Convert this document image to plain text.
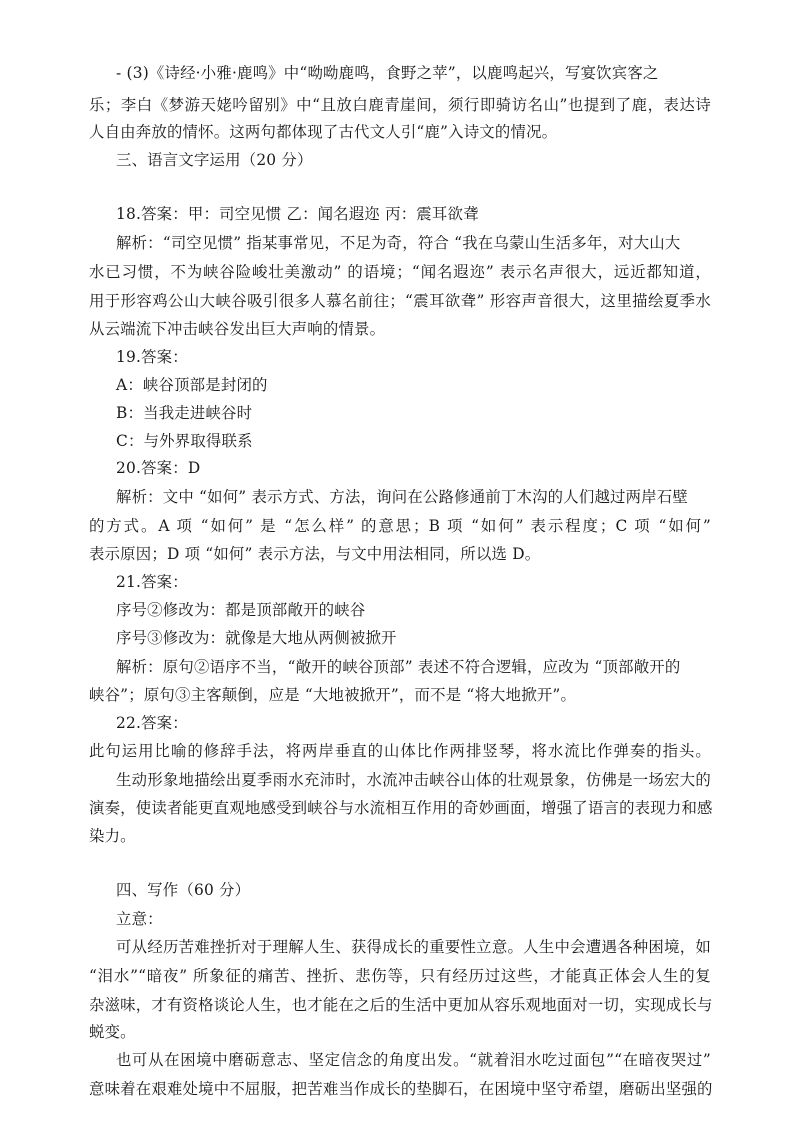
- (3)《诗经·小雅·鹿鸣》中“呦呦鹿鸣，食野之苹”，以鹿鸣起兴，写宴饮宾客之
乐；李白《梦游天姥吟留别》中“且放白鹿青崖间，须行即骑访名山”也提到了鹿，表达诗
人自由奔放的情怀。这两句都体现了古代文人引“鹿”入诗文的情况。
三、语言文字运用（20 分）
18.答案：甲：司空见惯 乙：闻名遐迩 丙：震耳欲聋
解析：“司空见惯” 指某事常见，不足为奇，符合 “我在乌蒙山生活多年，对大山大
水已习惯，不为峡谷险峻壮美激动” 的语境；“闻名遐迩” 表示名声很大，远近都知道，
用于形容鸡公山大峡谷吸引很多人慕名前往；“震耳欲聋” 形容声音很大，这里描绘夏季水
从云端流下冲击峡谷发出巨大声响的情景。
19.答案：
A：峡谷顶部是封闭的
B：当我走进峡谷时
C：与外界取得联系
20.答案：D
解析：文中 “如何” 表示方式、方法，询问在公路修通前丁木沟的人们越过两岸石壁
的方式。A 项 “如何” 是 “怎么样” 的意思；B 项 “如何” 表示程度；C 项 “如何”
表示原因；D 项 “如何” 表示方法，与文中用法相同，所以选 D。
21.答案：
序号②修改为：都是顶部敞开的峡谷
序号③修改为：就像是大地从两侧被掀开
解析：原句②语序不当，“敞开的峡谷顶部” 表述不符合逻辑，应改为 “顶部敞开的
峡谷”；原句③主客颠倒，应是 “大地被掀开”，而不是 “将大地掀开”。
22.答案：
此句运用比喻的修辞手法，将两岸垂直的山体比作两排竖琴，将水流比作弹奏的指头。
生动形象地描绘出夏季雨水充沛时，水流冲击峡谷山体的壮观景象，仿佛是一场宏大的
演奏，使读者能更直观地感受到峡谷与水流相互作用的奇妙画面，增强了语言的表现力和感
染力。
四、写作（60 分）
立意：
可从经历苦难挫折对于理解人生、获得成长的重要性立意。人生中会遭遇各种困境，如
“泪水”“暗夜” 所象征的痛苦、挫折、悲伤等，只有经历过这些，才能真正体会人生的复
杂滋味，才有资格谈论人生，也才能在之后的生活中更加从容乐观地面对一切，实现成长与
蜕变。
也可从在困境中磨砺意志、坚定信念的角度出发。“就着泪水吃过面包”“在暗夜哭过”
意味着在艰难处境中不屈服，把苦难当作成长的垫脚石，在困境中坚守希望，磨砺出坚强的
